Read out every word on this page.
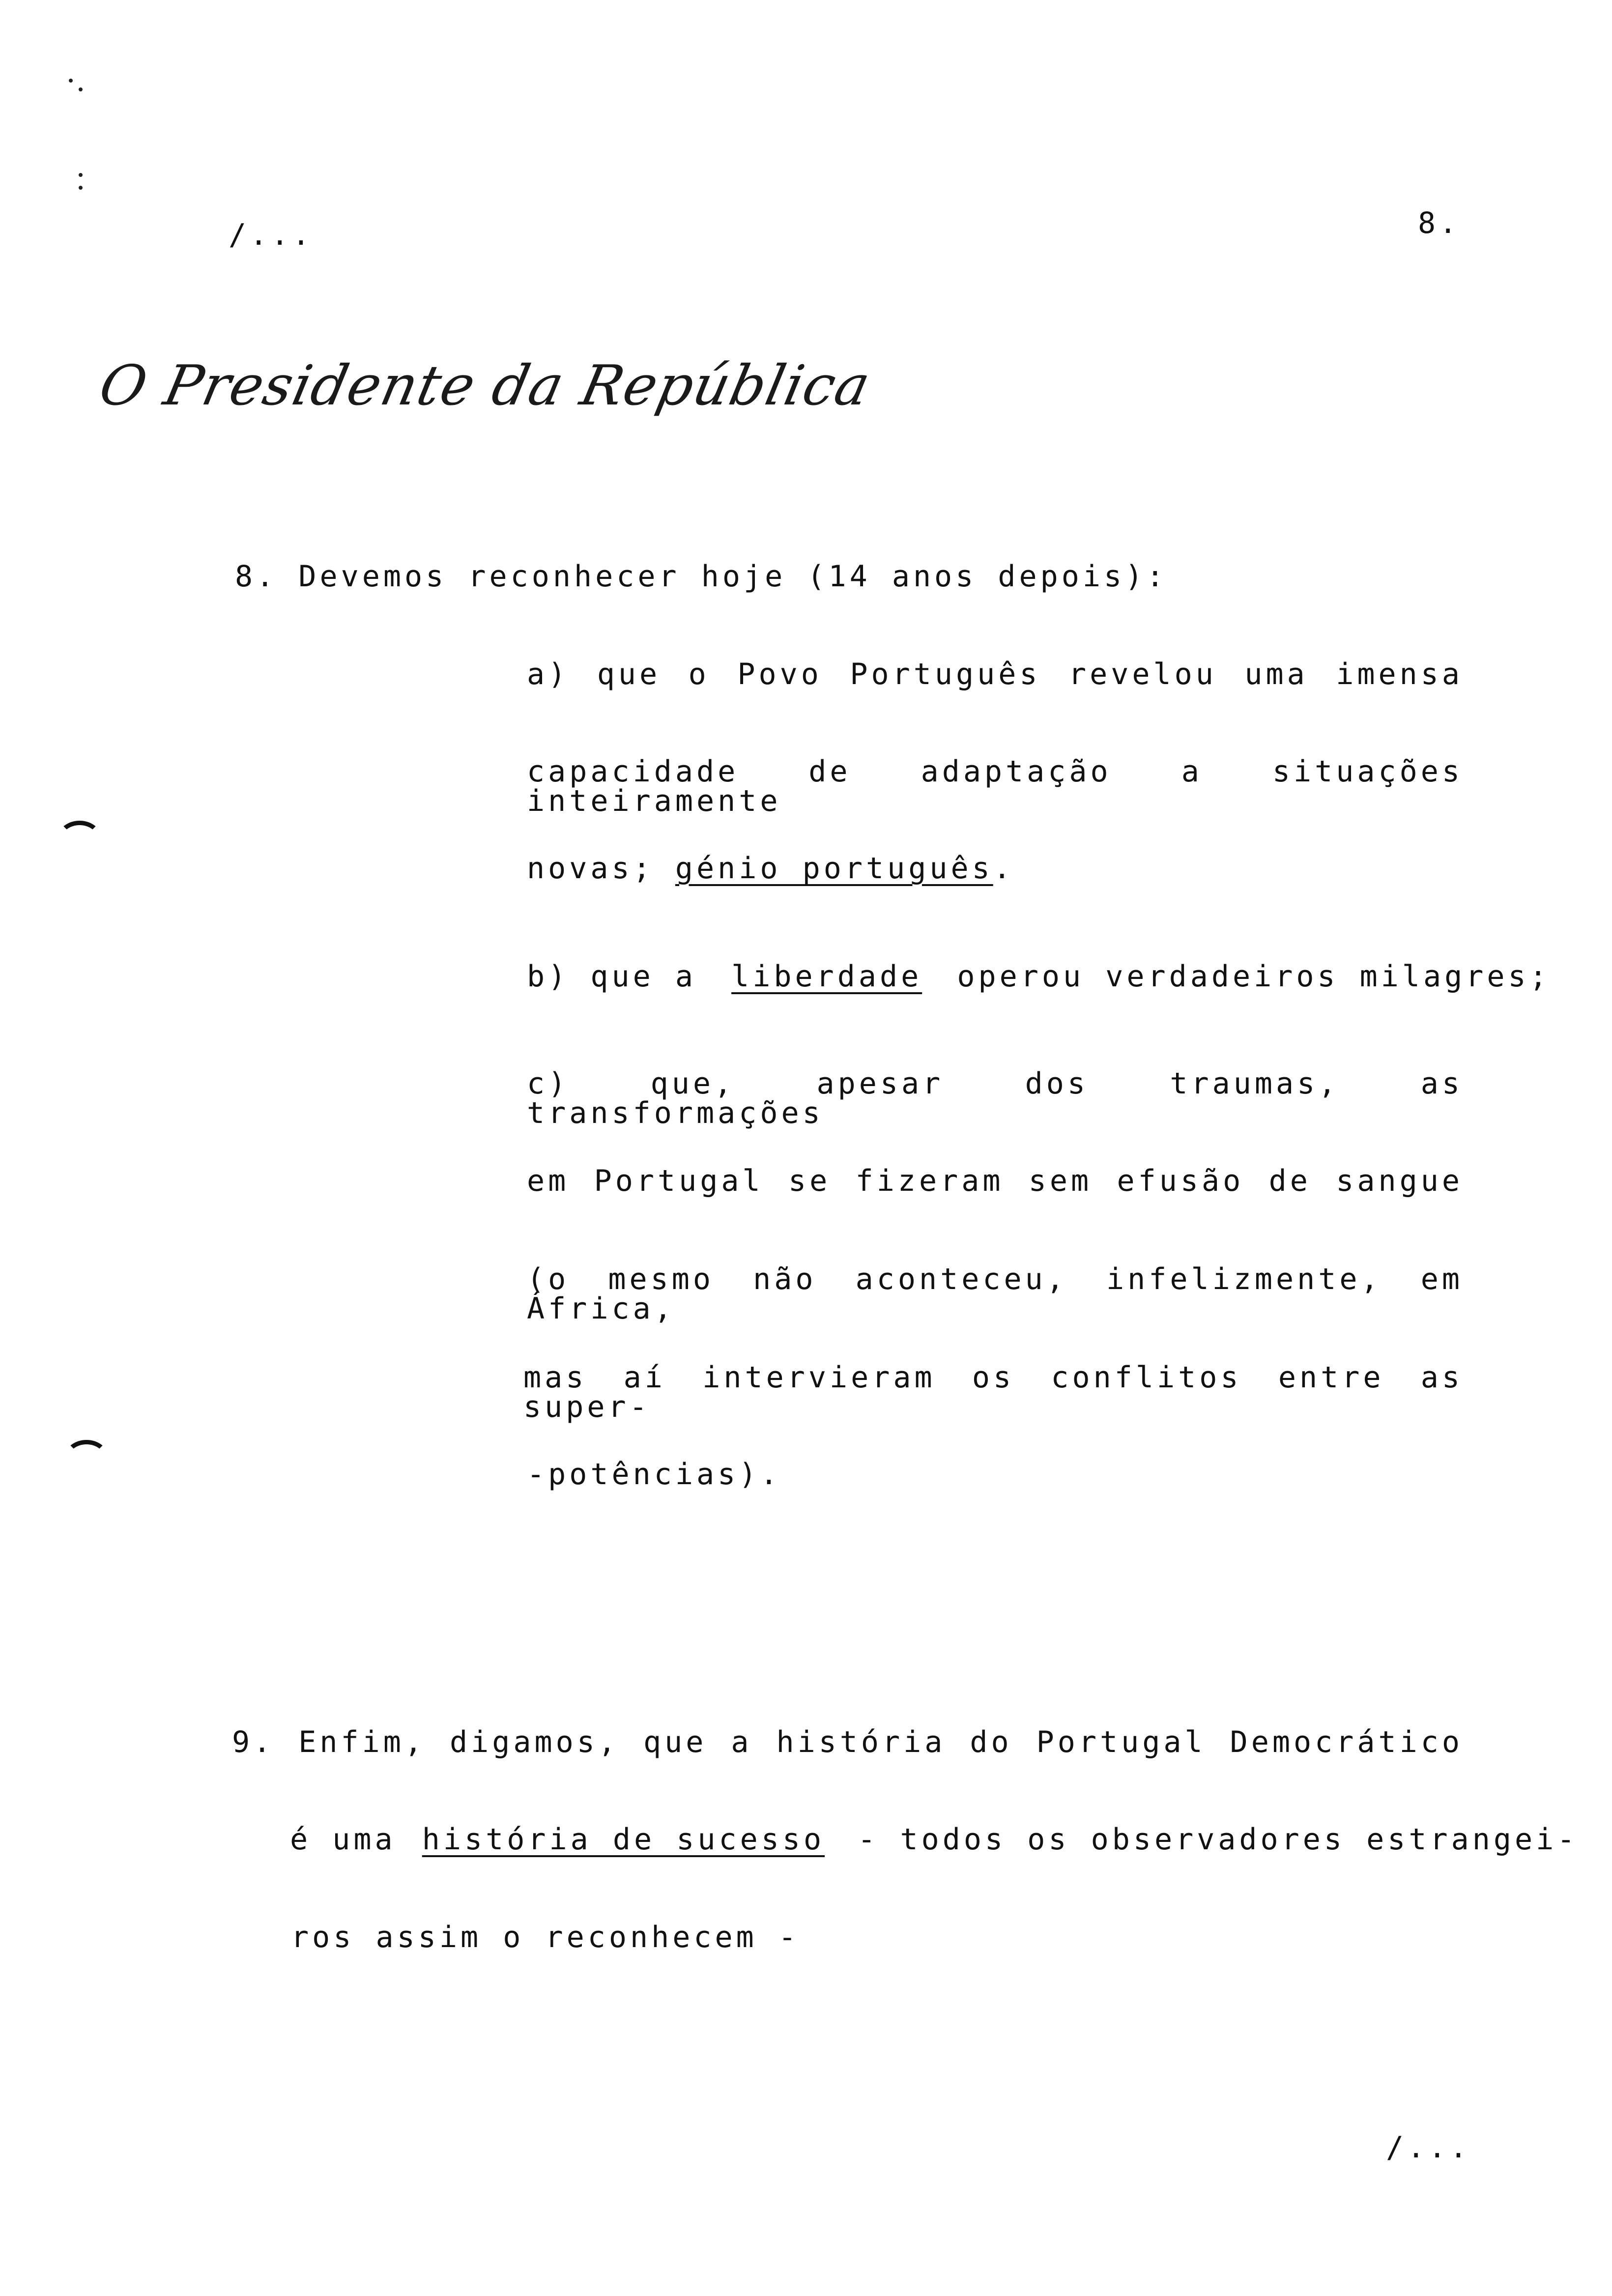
/...	8.
O Presidente da República
8. Devemos reconhecer hoje (14 anos depois):
a) que o Povo Português revelou uma imensa
capacidade de adaptação a situações inteiramente
novas; génio português.
b) que a liberdade operou verdadeiros milagres;
c) que, apesar dos traumas, as transformações
em Portugal se fizeram sem efusão de sangue
(o mesmo não aconteceu, infelizmente, em África,
mas aí intervieram os conflitos entre as super-
-potências).
9. Enfim, digamos, que a história do Portugal Democrático
é uma história de sucesso - todos os observadores estrangei-
ros assim o reconhecem -
/...
